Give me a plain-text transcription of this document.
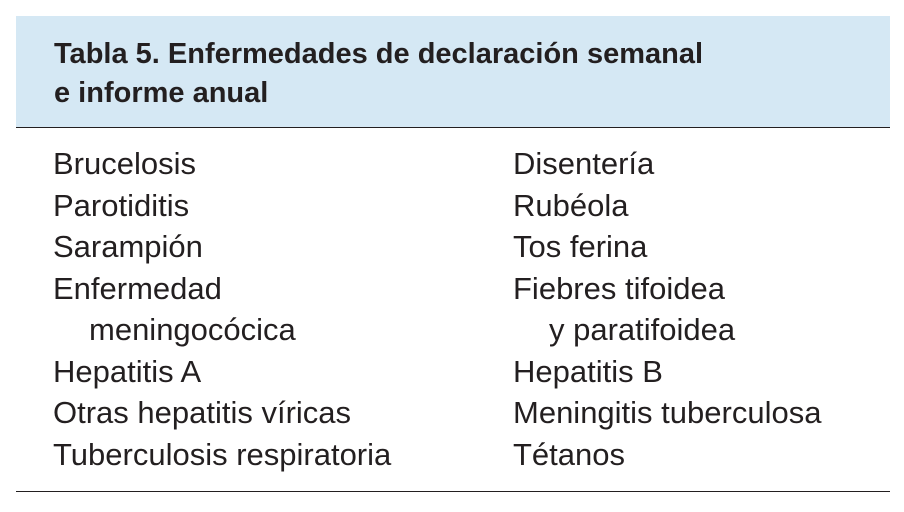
Tabla 5. Enfermedades de declaración semanal
e informe anual
Brucelosis
Parotiditis
Sarampión
Enfermedad
meningocócica
Hepatitis A
Otras hepatitis víricas
Tuberculosis respiratoria
Disentería
Rubéola
Tos ferina
Fiebres tifoidea
y paratifoidea
Hepatitis B
Meningitis tuberculosa
Tétanos
